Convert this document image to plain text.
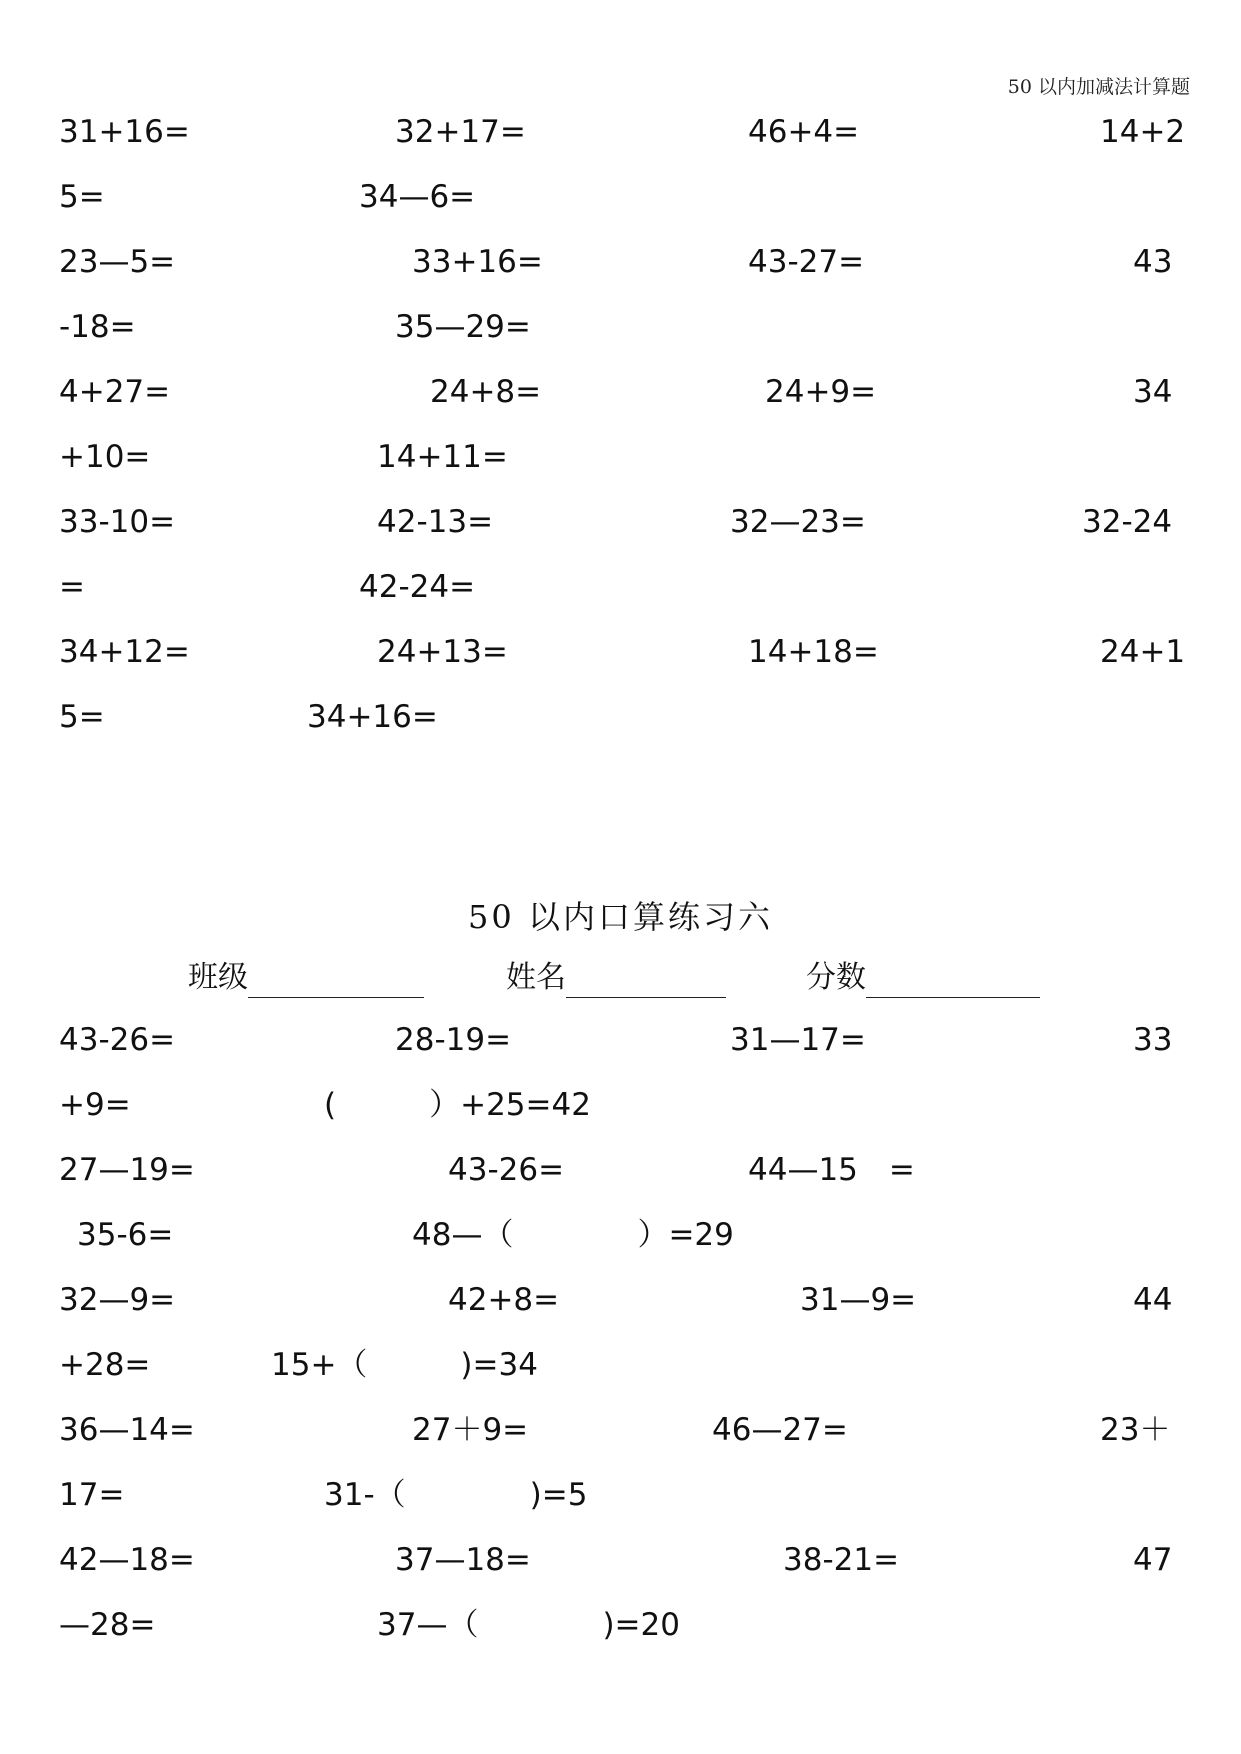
50 以内加减法计算题
31+16=	32+17=	46+4=	14+2
5=	34—6=
23—5=	33+16=	43-27=	43
-18=	35—29=
4+27=	24+8=	24+9=	34
+10=	14+11=
33-10=	42-13=	32—23=	32-24
=	42-24=
34+12=	24+13=	14+18=	24+1
5=	34+16=
50 以内口算练习六
班级	姓名	分数
43-26=	28-19=	31—17=	33
+9=	(　　　）+25=42
27—19=	43-26=	44—15　=
35-6=	48—（　　　　）=29
32—9=	42+8=	31—9=	44
+28=	15+（　　　)=34
36—14=	27＋9=	46—27=	23＋
17=	31-（　　　　)=5
42—18=	37—18=	38-21=	47
—28=	37—（　　　　)=20
